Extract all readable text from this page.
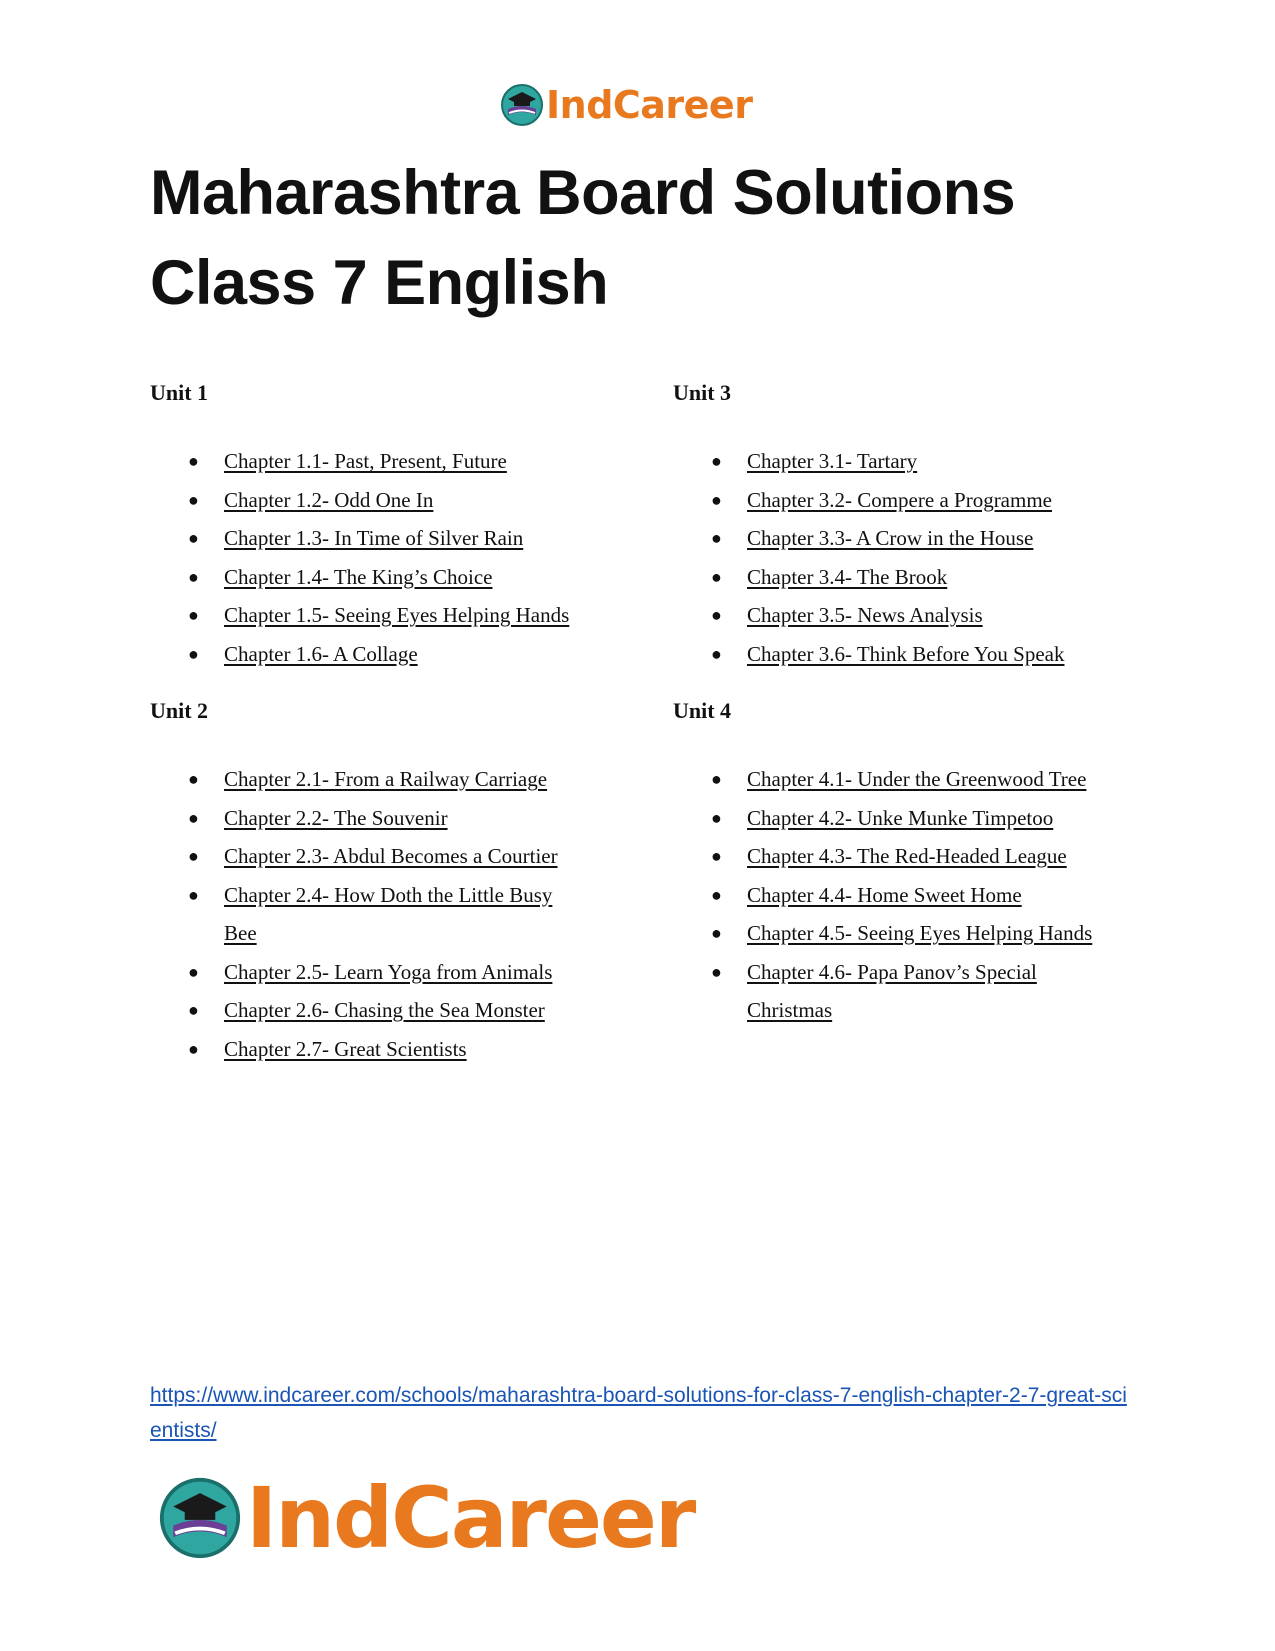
IndCareer
Maharashtra Board Solutions
Class 7 English
Unit 1
● Chapter 1.1- Past, Present, Future
● Chapter 1.2- Odd One In
● Chapter 1.3- In Time of Silver Rain
● Chapter 1.4- The King’s Choice
● Chapter 1.5- Seeing Eyes Helping Hands
● Chapter 1.6- A Collage
Unit 2
● Chapter 2.1- From a Railway Carriage
● Chapter 2.2- The Souvenir
● Chapter 2.3- Abdul Becomes a Courtier
● Chapter 2.4- How Doth the Little Busy Bee
● Chapter 2.5- Learn Yoga from Animals
● Chapter 2.6- Chasing the Sea Monster
● Chapter 2.7- Great Scientists
Unit 3
● Chapter 3.1- Tartary
● Chapter 3.2- Compere a Programme
● Chapter 3.3- A Crow in the House
● Chapter 3.4- The Brook
● Chapter 3.5- News Analysis
● Chapter 3.6- Think Before You Speak
Unit 4
● Chapter 4.1- Under the Greenwood Tree
● Chapter 4.2- Unke Munke Timpetoo
● Chapter 4.3- The Red-Headed League
● Chapter 4.4- Home Sweet Home
● Chapter 4.5- Seeing Eyes Helping Hands
● Chapter 4.6- Papa Panov’s Special Christmas
https://www.indcareer.com/schools/maharashtra-board-solutions-for-class-7-english-chapter-2-7-great-scientists/
IndCareer
